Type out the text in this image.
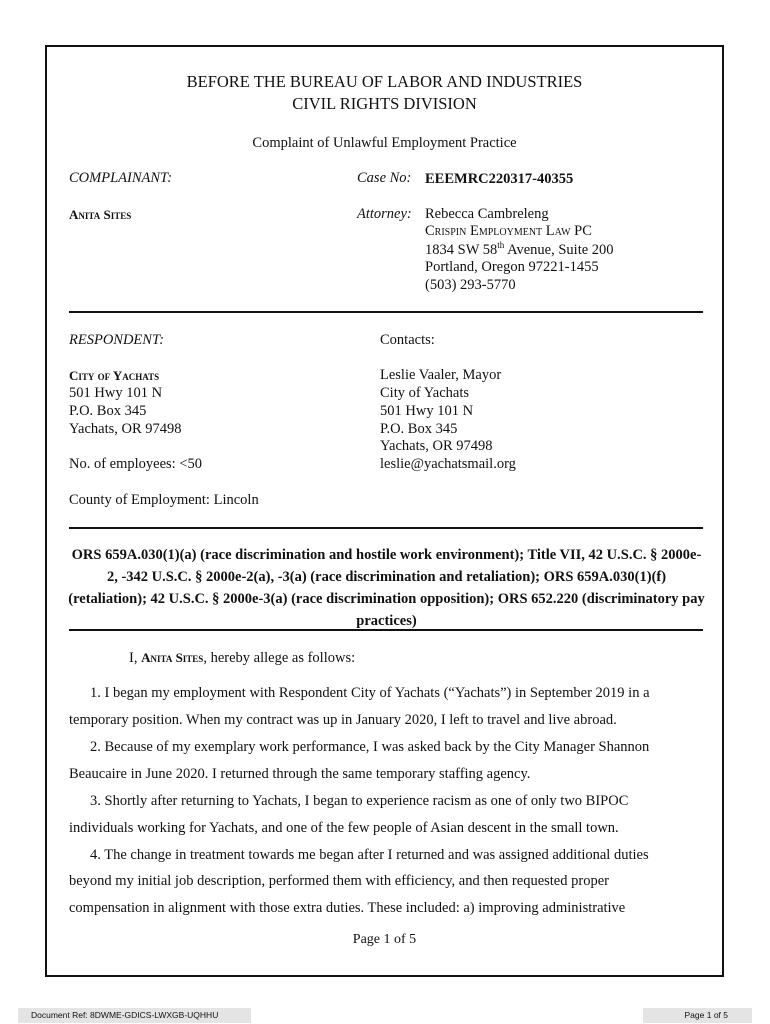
BEFORE THE BUREAU OF LABOR AND INDUSTRIES
CIVIL RIGHTS DIVISION
Complaint of Unlawful Employment Practice
COMPLAINANT:
Anita Sites
Case No: EEEMRC220317-40355
Attorney: Rebecca Cambreleng
Crispin Employment Law PC
1834 SW 58th Avenue, Suite 200
Portland, Oregon 97221-1455
(503) 293-5770
RESPONDENT:
City of Yachats
501 Hwy 101 N
P.O. Box 345
Yachats, OR 97498
No. of employees: <50
County of Employment: Lincoln
Contacts:
Leslie Vaaler, Mayor
City of Yachats
501 Hwy 101 N
P.O. Box 345
Yachats, OR 97498
leslie@yachatsmail.org
ORS 659A.030(1)(a) (race discrimination and hostile work environment); Title VII, 42 U.S.C. § 2000e-2, -342 U.S.C. § 2000e-2(a), -3(a) (race discrimination and retaliation); ORS 659A.030(1)(f) (retaliation); 42 U.S.C. § 2000e-3(a) (race discrimination opposition); ORS 652.220 (discriminatory pay practices)
I, Anita Sites, hereby allege as follows:
1. I began my employment with Respondent City of Yachats (“Yachats”) in September 2019 in a
temporary position. When my contract was up in January 2020, I left to travel and live abroad.
2. Because of my exemplary work performance, I was asked back by the City Manager Shannon
Beaucaire in June 2020. I returned through the same temporary staffing agency.
3. Shortly after returning to Yachats, I began to experience racism as one of only two BIPOC
individuals working for Yachats, and one of the few people of Asian descent in the small town.
4. The change in treatment towards me began after I returned and was assigned additional duties
beyond my initial job description, performed them with efficiency, and then requested proper
compensation in alignment with those extra duties. These included: a) improving administrative
Page 1 of 5
Document Ref: 8DWME-GDICS-LWXGB-UQHHU	Page 1 of 5
